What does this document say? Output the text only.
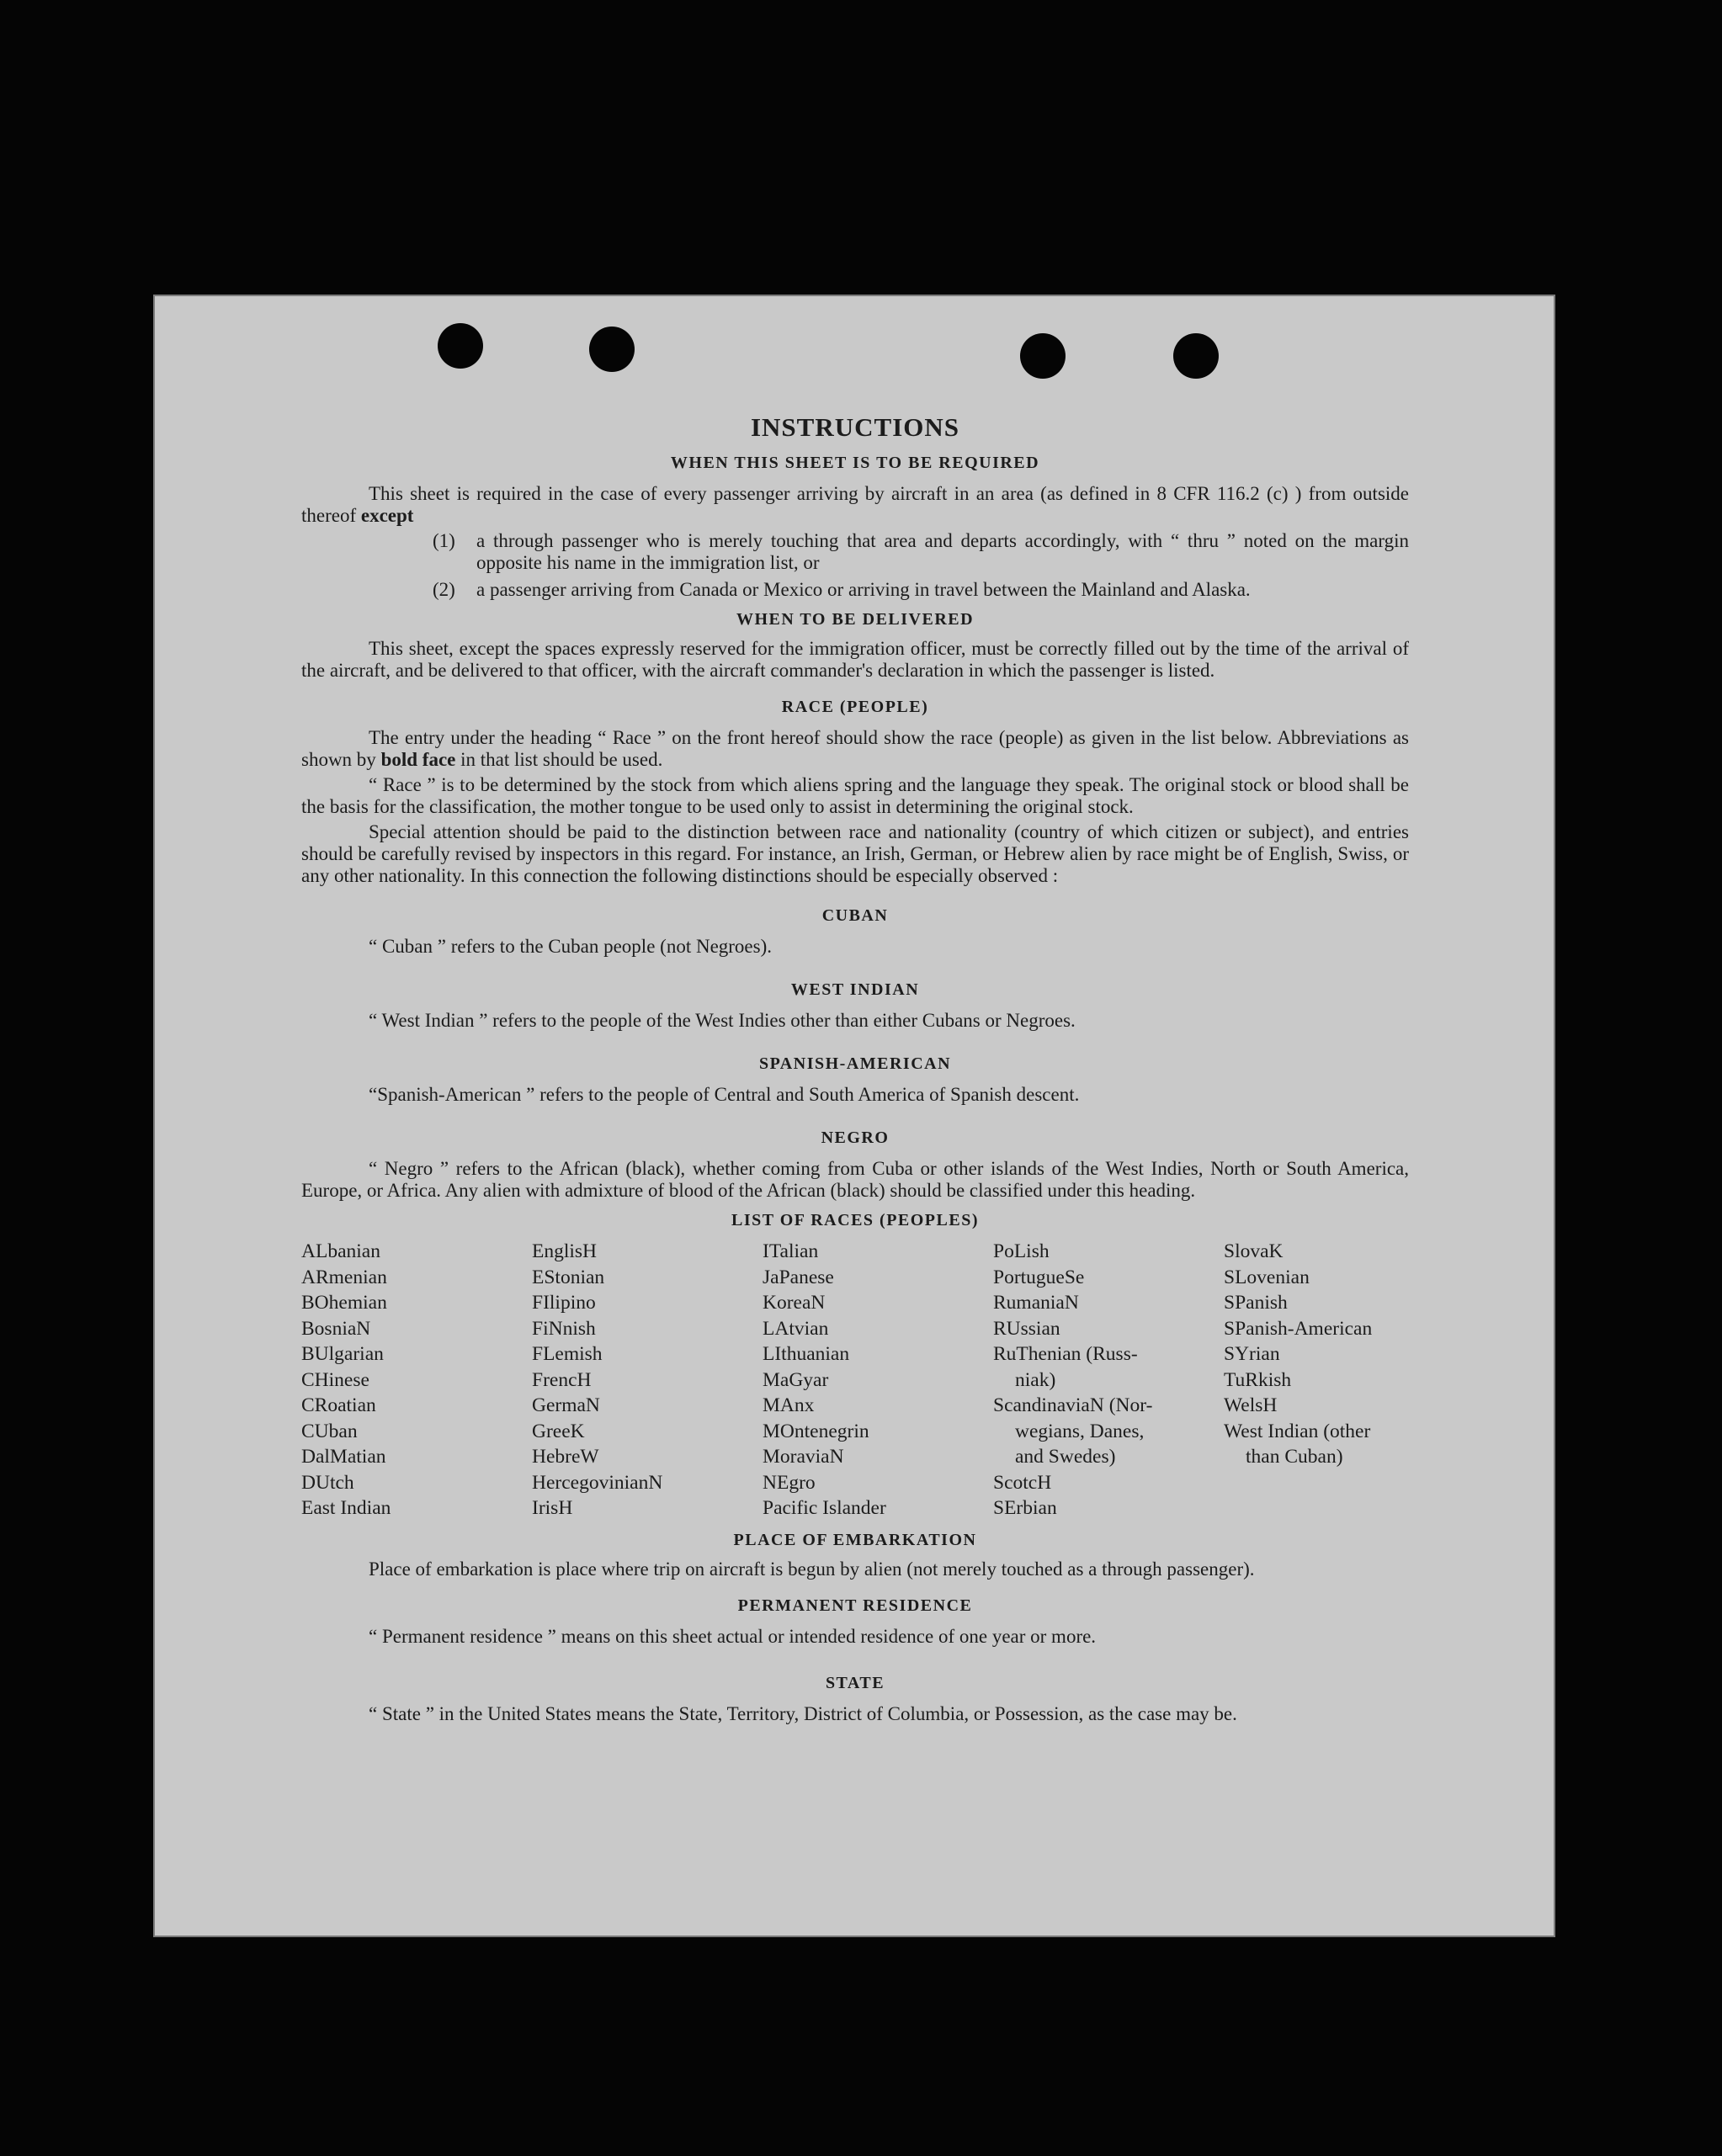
INSTRUCTIONS
WHEN THIS SHEET IS TO BE REQUIRED

This sheet is required in the case of every passenger arriving by aircraft in an area (as defined in 8 CFR 116.2 (c) ) from outside thereof except

(1)	a through passenger who is merely touching that area and departs accordingly, with “ thru ” noted on the margin opposite his name in the immigration list, or
(2)	a passenger arriving from Canada or Mexico or arriving in travel between the Mainland and Alaska.
WHEN TO BE DELIVERED

This sheet, except the spaces expressly reserved for the immigration officer, must be correctly filled out by the time of the arrival of the aircraft, and be delivered to that officer, with the aircraft commander's declaration in which the passenger is listed.

RACE (PEOPLE)

The entry under the heading “ Race ” on the front hereof should show the race (people) as given in the list below. Abbreviations as shown by bold face in that list should be used.

“ Race ” is to be determined by the stock from which aliens spring and the language they speak. The original stock or blood shall be the basis for the classification, the mother tongue to be used only to assist in determining the original stock.

Special attention should be paid to the distinction between race and nationality (country of which citizen or subject), and entries should be carefully revised by inspectors in this regard. For instance, an Irish, German, or Hebrew alien by race might be of English, Swiss, or any other nationality. In this connection the following distinctions should be especially observed :

CUBAN

“ Cuban ” refers to the Cuban people (not Negroes).

WEST INDIAN

“ West Indian ” refers to the people of the West Indies other than either Cubans or Negroes.

SPANISH-AMERICAN

“Spanish-American ” refers to the people of Central and South America of Spanish descent.

NEGRO

“ Negro ” refers to the African (black), whether coming from Cuba or other islands of the West Indies, North or South America, Europe, or Africa. Any alien with admixture of blood of the African (black) should be classified under this heading.

LIST OF RACES (PEOPLES)
ALbanian
ARmenian
BOhemian
BosniaN
BUlgarian
CHinese
CRoatian
CUban
DalMatian
DUtch
East Indian
EnglisH
EStonian
FIlipino
FiNnish
FLemish
FrencH
GermaN
GreeK
HebreW
HercegovinianN
IrisH
ITalian
JaPanese
KoreaN
LAtvian
LIthuanian
MaGyar
MAnx
MOntenegrin
MoraviaN
NEgro
Pacific Islander
PoLish
PortugueSe
RumaniaN
RUssian
RuThenian (Russ-
niak)
ScandinaviaN (Nor-
wegians, Danes,
and Swedes)
ScotcH
SErbian
SlovaK
SLovenian
SPanish
SPanish-American
SYrian
TuRkish
WelsH
West Indian (other
than Cuban)
PLACE OF EMBARKATION

Place of embarkation is place where trip on aircraft is begun by alien (not merely touched as a through passenger).

PERMANENT RESIDENCE

“ Permanent residence ” means on this sheet actual or intended residence of one year or more.

STATE

“ State ” in the United States means the State, Territory, District of Columbia, or Possession, as the case may be.
